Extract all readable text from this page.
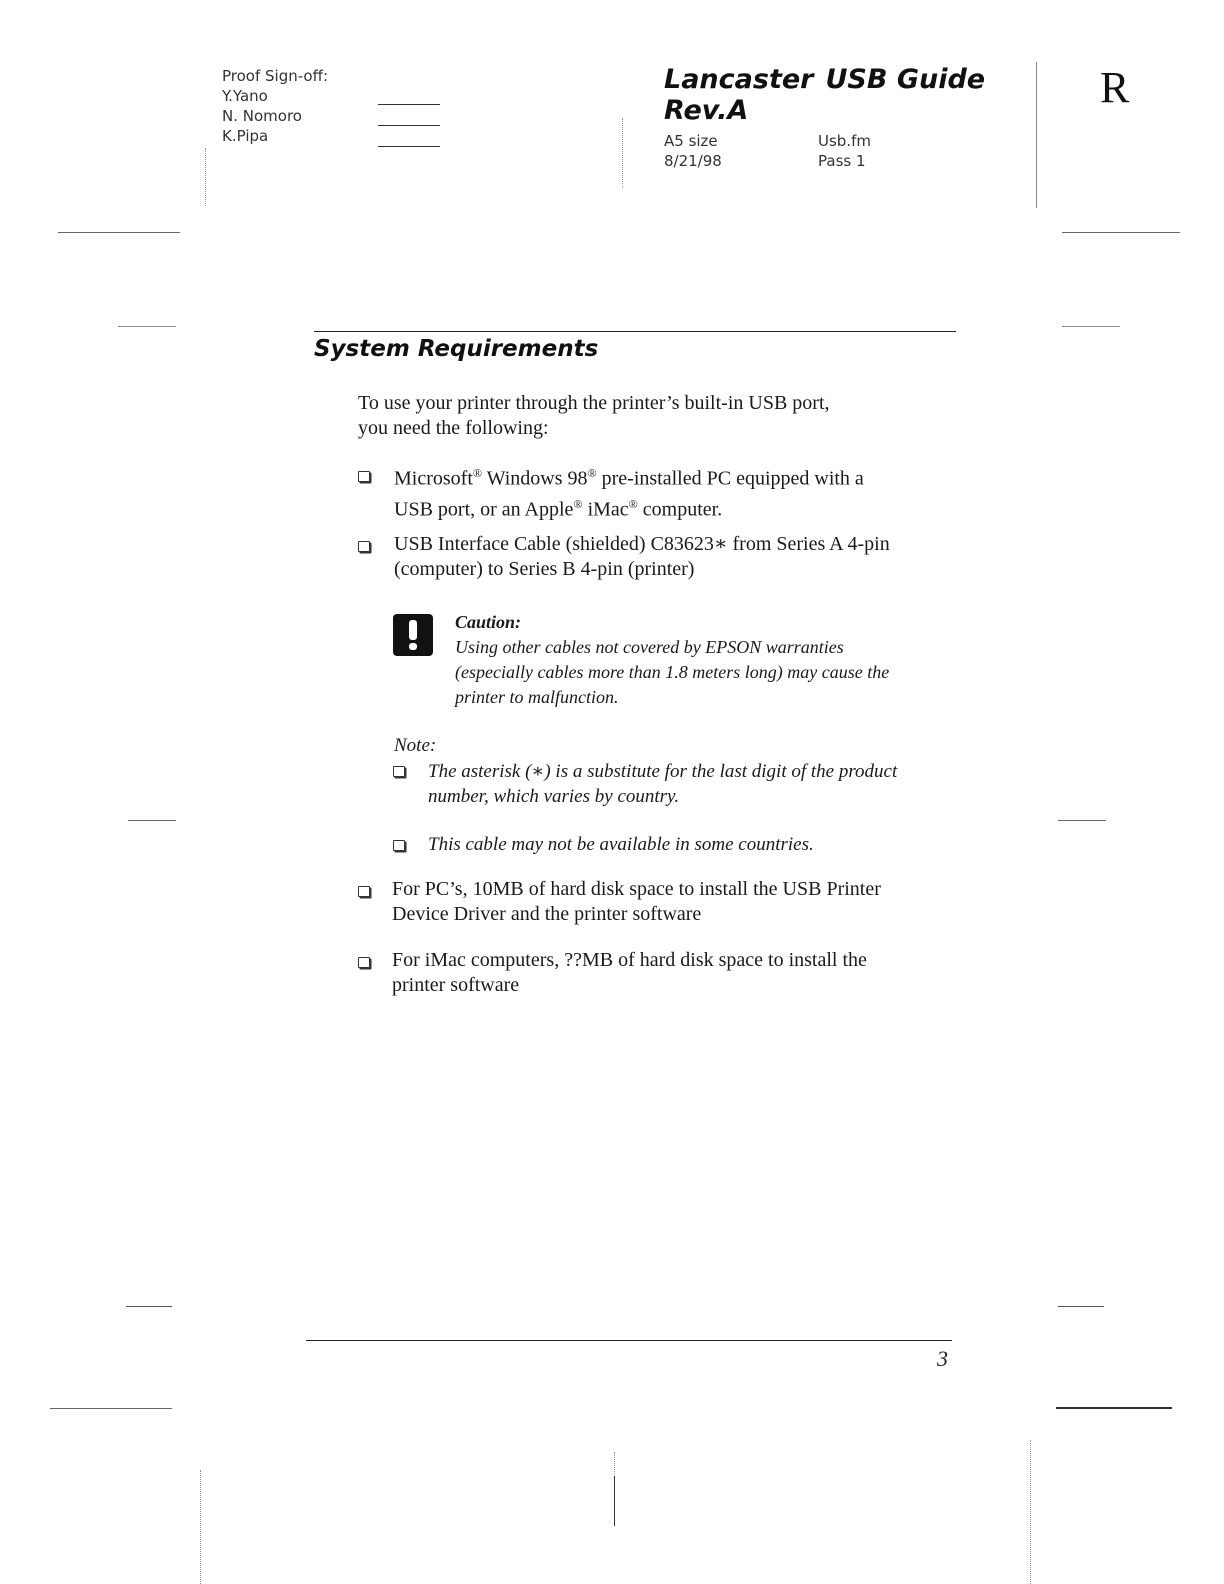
Proof Sign-off:
Y.Yano
N. Nomoro
K.Pipa
Lancaster USB Guide
Rev.A
A5 size
8/21/98
Usb.fm
Pass 1
R
System Requirements
To use your printer through the printer’s built-in USB port,
you need the following:
Microsoft® Windows 98® pre-installed PC equipped with a
USB port, or an Apple® iMac® computer.
USB Interface Cable (shielded) C83623∗ from Series A 4-pin
(computer) to Series B 4-pin (printer)
Caution:
Using other cables not covered by EPSON warranties
(especially cables more than 1.8 meters long) may cause the
printer to malfunction.
Note:
The asterisk (∗) is a substitute for the last digit of the product
number, which varies by country.
This cable may not be available in some countries.
For PC’s, 10MB of hard disk space to install the USB Printer
Device Driver and the printer software
For iMac computers, ??MB of hard disk space to install the
printer software
3
